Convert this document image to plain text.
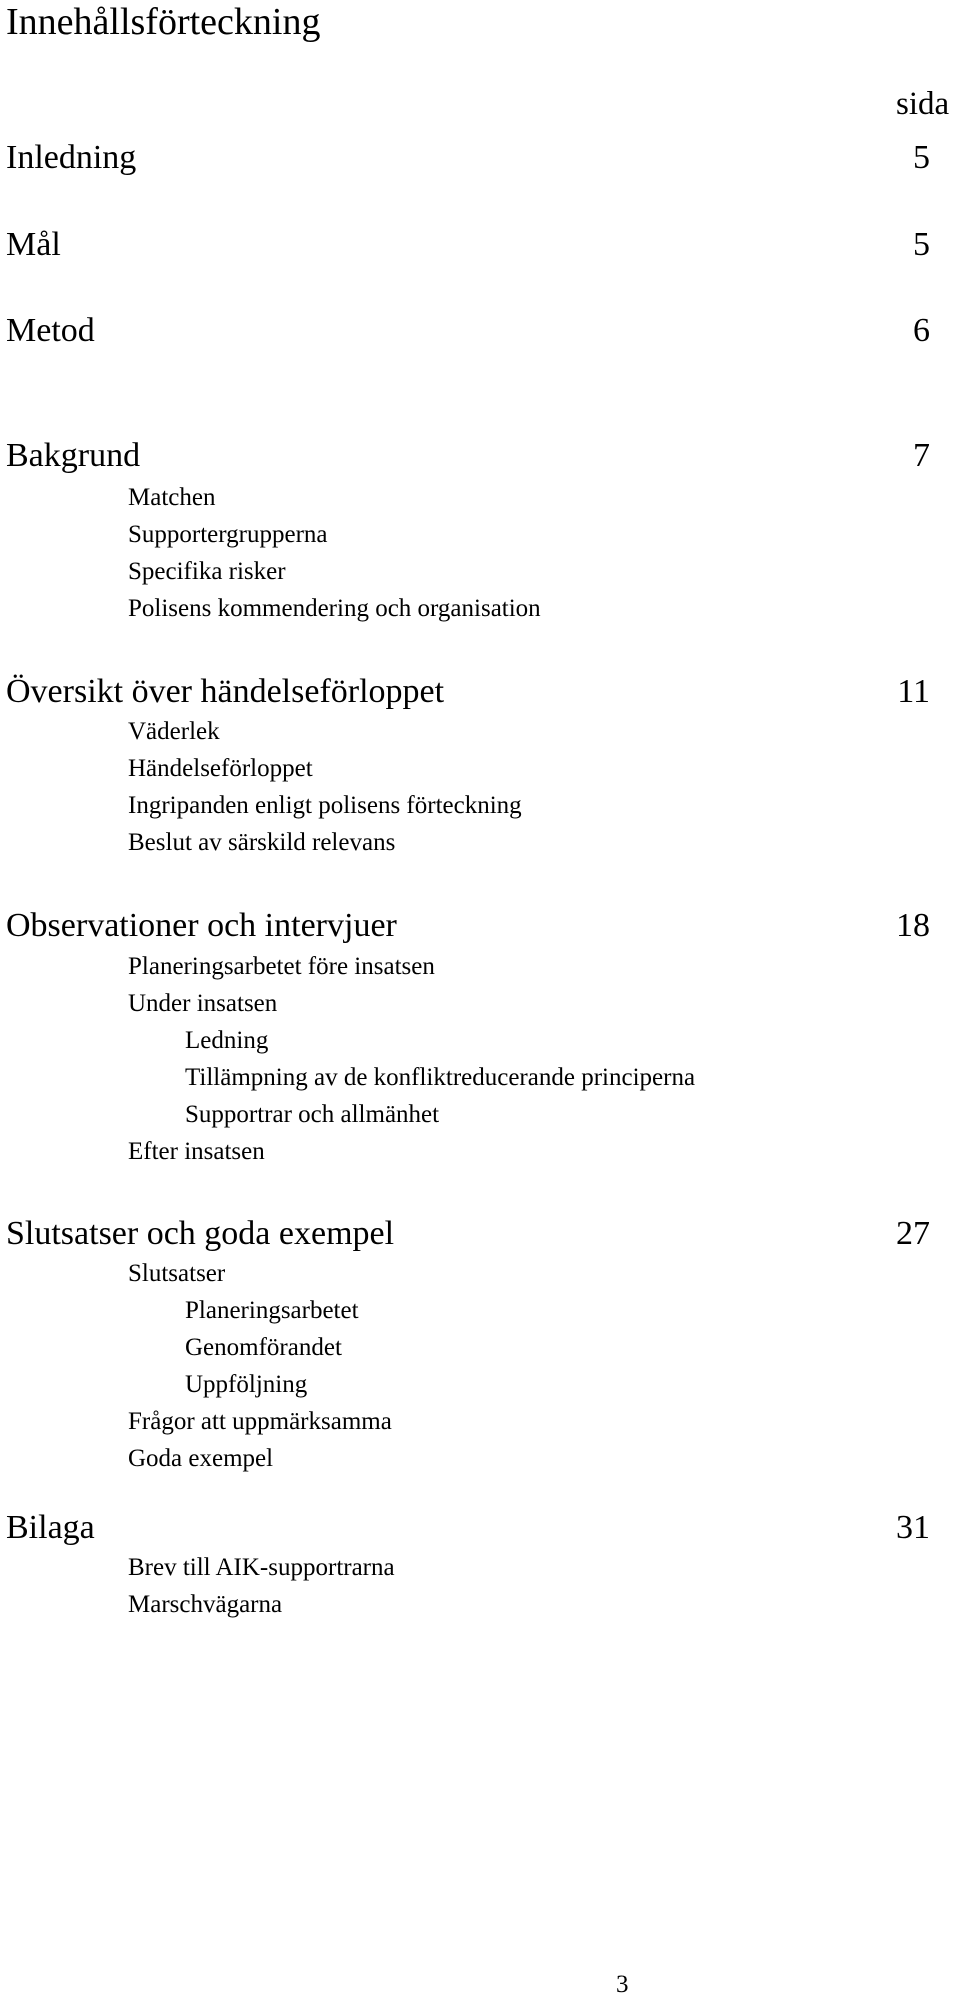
Innehållsförteckning
sida
Inledning	5
Mål	5
Metod	6
Bakgrund	7
Matchen
Supportergrupperna
Specifika risker
Polisens kommendering och organisation
Översikt över händelseförloppet	11
Väderlek
Händelseförloppet
Ingripanden enligt polisens förteckning
Beslut av särskild relevans
Observationer och intervjuer	18
Planeringsarbetet före insatsen
Under insatsen
Ledning
Tillämpning av de konfliktreducerande principerna
Supportrar och allmänhet
Efter insatsen
Slutsatser och goda exempel	27
Slutsatser
Planeringsarbetet
Genomförandet
Uppföljning
Frågor att uppmärksamma
Goda exempel
Bilaga	31
Brev till AIK-supportrarna
Marschvägarna
3
